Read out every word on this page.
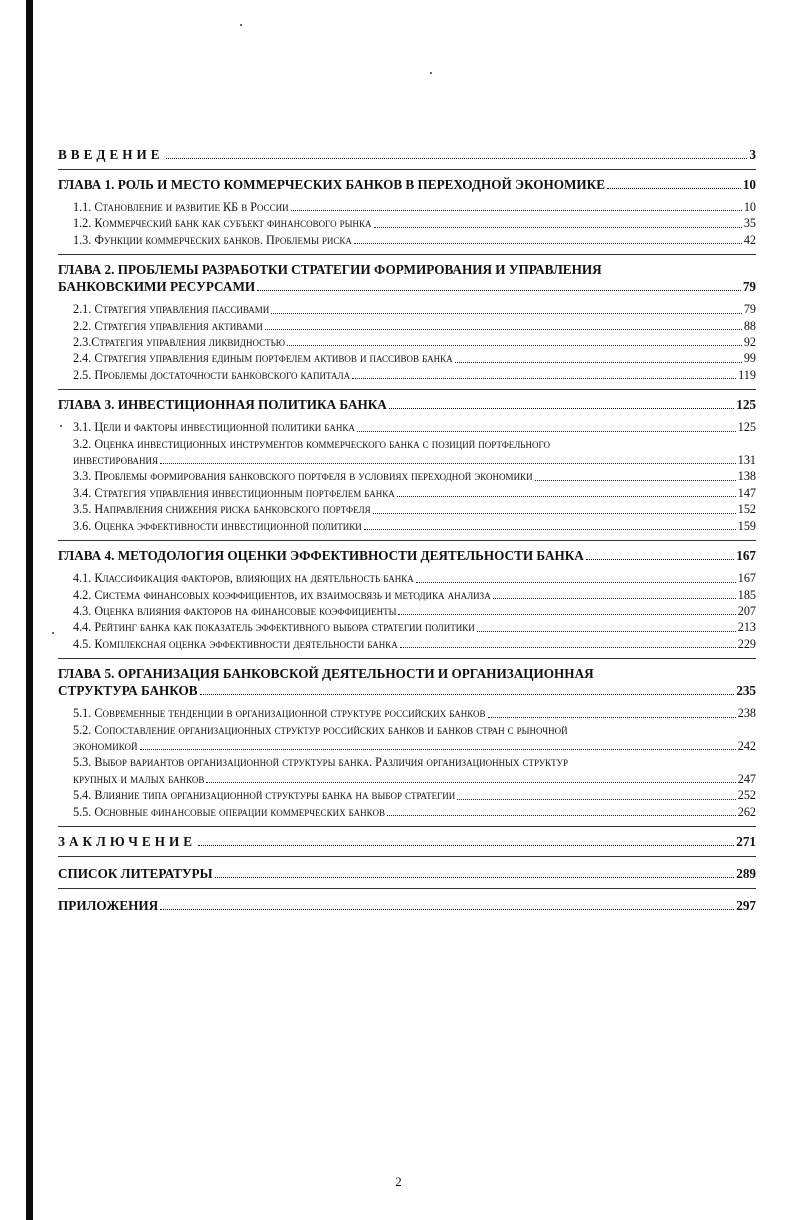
ВВЕДЕНИЕ	3
ГЛАВА 1. РОЛЬ И МЕСТО КОММЕРЧЕСКИХ БАНКОВ В ПЕРЕХОДНОЙ ЭКОНОМИКЕ	10
1.1. Становление и развитие КБ в России	10
1.2. Коммерческий банк как субъект финансового рынка	35
1.3. Функции коммерческих банков. Проблемы риска	42
ГЛАВА 2. ПРОБЛЕМЫ РАЗРАБОТКИ СТРАТЕГИИ ФОРМИРОВАНИЯ И УПРАВЛЕНИЯ
БАНКОВСКИМИ РЕСУРСАМИ	79
2.1. Стратегия управления пассивами	79
2.2. Стратегия управления активами	88
2.3.Стратегия управления ликвидностью	92
2.4. Стратегия управления единым портфелем активов и пассивов банка	99
2.5. Проблемы достаточности банковского капитала	119
ГЛАВА 3. ИНВЕСТИЦИОННАЯ ПОЛИТИКА БАНКА	125
3.1. Цели и факторы инвестиционной политики банка	125
3.2. Оценка инвестиционных инструментов коммерческого банка с позиций портфельного
инвестирования	131
3.3. Проблемы формирования банковского портфеля в условиях переходной экономики	138
3.4. Стратегия управления инвестиционным портфелем банка	147
3.5. Направления снижения риска банковского портфеля	152
3.6. Оценка эффективности инвестиционной политики	159
ГЛАВА 4. МЕТОДОЛОГИЯ ОЦЕНКИ ЭФФЕКТИВНОСТИ ДЕЯТЕЛЬНОСТИ БАНКА	167
4.1. Классификация факторов, влияющих на деятельность банка	167
4.2. Система финансовых коэффициентов, их взаимосвязь и методика анализа	185
4.3. Оценка влияния факторов на финансовые коэффициенты	207
4.4. Рейтинг банка как показатель эффективного выбора стратегии политики	213
4.5. Комплексная оценка эффективности деятельности банка	229
ГЛАВА 5. ОРГАНИЗАЦИЯ БАНКОВСКОЙ ДЕЯТЕЛЬНОСТИ И ОРГАНИЗАЦИОННАЯ
СТРУКТУРА БАНКОВ	235
5.1. Современные тенденции в организационной структуре российских банков	238
5.2. Сопоставление организационных структур российских банков и банков стран с рыночной
экономикой	242
5.3. Выбор вариантов организационной структуры банка. Различия организационных структур
крупных и малых банков	247
5.4. Влияние типа организационной структуры банка на выбор стратегии	252
5.5. Основные финансовые операции коммерческих банков	262
ЗАКЛЮЧЕНИЕ	271
СПИСОК ЛИТЕРАТУРЫ	289
ПРИЛОЖЕНИЯ	297
2
